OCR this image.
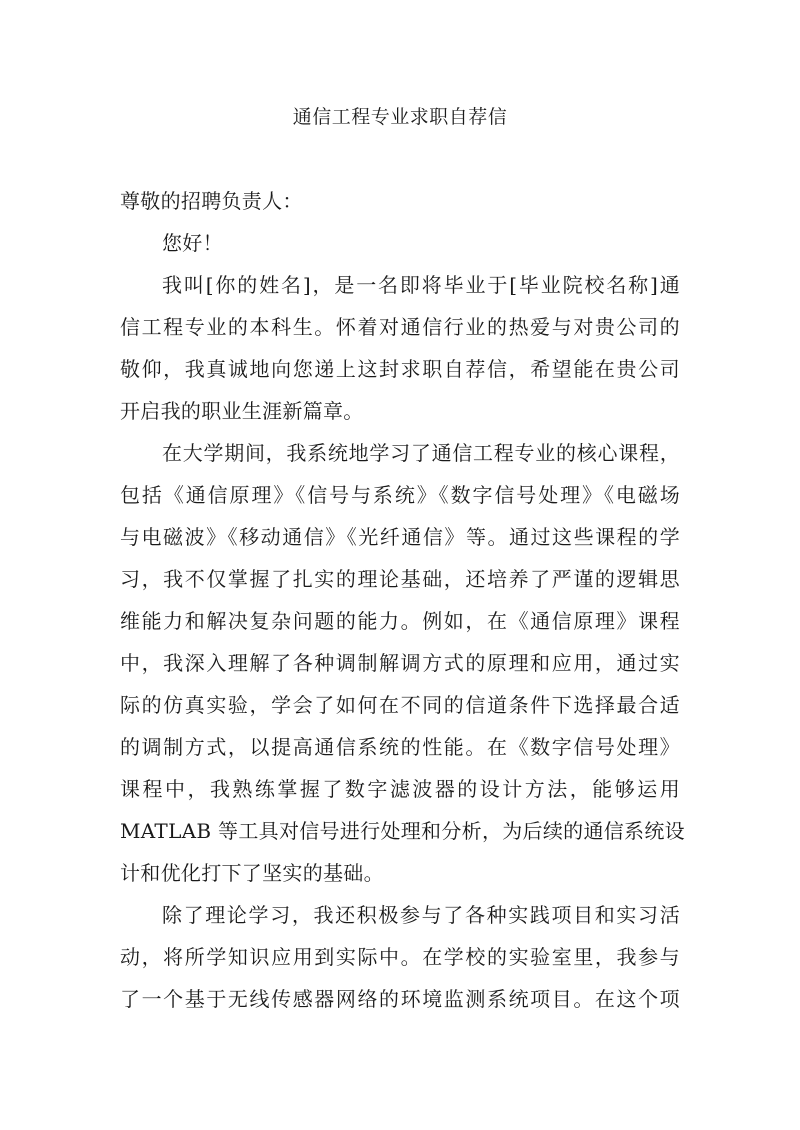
通信工程专业求职自荐信
尊敬的招聘负责人：
您好！
我叫[你的姓名]，是一名即将毕业于[毕业院校名称]通
信工程专业的本科生。怀着对通信行业的热爱与对贵公司的
敬仰，我真诚地向您递上这封求职自荐信，希望能在贵公司
开启我的职业生涯新篇章。
在大学期间，我系统地学习了通信工程专业的核心课程，
包括《通信原理》《信号与系统》《数字信号处理》《电磁场
与电磁波》《移动通信》《光纤通信》等。通过这些课程的学
习，我不仅掌握了扎实的理论基础，还培养了严谨的逻辑思
维能力和解决复杂问题的能力。例如，在《通信原理》课程
中，我深入理解了各种调制解调方式的原理和应用，通过实
际的仿真实验，学会了如何在不同的信道条件下选择最合适
的调制方式，以提高通信系统的性能。在《数字信号处理》
课程中，我熟练掌握了数字滤波器的设计方法，能够运用
MATLAB 等工具对信号进行处理和分析，为后续的通信系统设
计和优化打下了坚实的基础。
除了理论学习，我还积极参与了各种实践项目和实习活
动，将所学知识应用到实际中。在学校的实验室里，我参与
了一个基于无线传感器网络的环境监测系统项目。在这个项
